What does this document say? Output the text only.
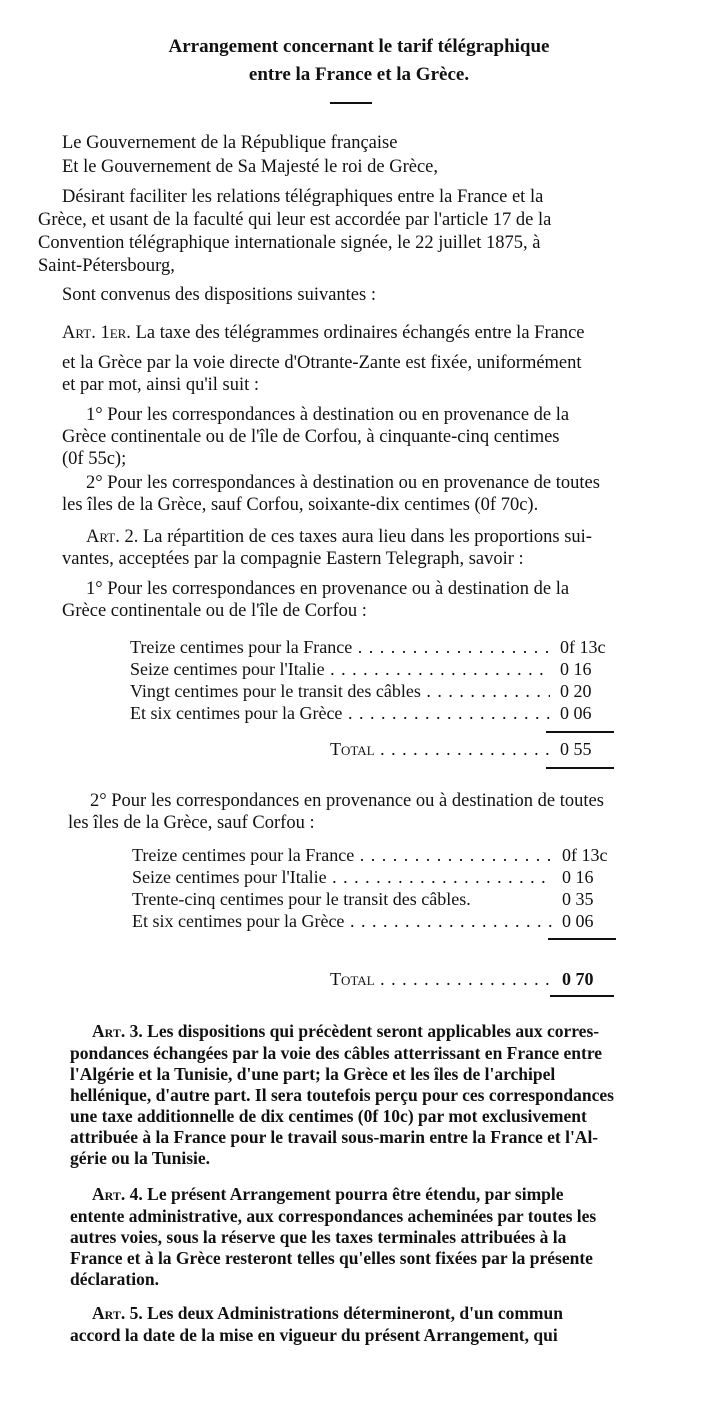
Arrangement concernant le tarif télégraphique
entre la France et la Grèce.
Le Gouvernement de la République française
Et le Gouvernement de Sa Majesté le roi de Grèce,
Désirant faciliter les relations télégraphiques entre la France et la
Grèce, et usant de la faculté qui leur est accordée par l'article 17 de la
Convention télégraphique internationale signée, le 22 juillet 1875, à
Saint-Pétersbourg,
Sont convenus des dispositions suivantes :
Art. 1er. La taxe des télégrammes ordinaires échangés entre la France
et la Grèce par la voie directe d'Otrante-Zante est fixée, uniformément
et par mot, ainsi qu'il suit :
1° Pour les correspondances à destination ou en provenance de la
Grèce continentale ou de l'île de Corfou, à cinquante-cinq centimes
(0f 55c);
2° Pour les correspondances à destination ou en provenance de toutes
les îles de la Grèce, sauf Corfou, soixante-dix centimes (0f 70c).
Art. 2. La répartition de ces taxes aura lieu dans les proportions sui-
vantes, acceptées par la compagnie Eastern Telegraph, savoir :
1° Pour les correspondances en provenance ou à destination de la
Grèce continentale ou de l'île de Corfou :
Treize centimes pour la France . . .	0f 13c
Seize centimes pour l'Italie . . .	0 16
Vingt centimes pour le transit des câbles . . .	0 20
Et six centimes pour la Grèce . . .	0 06
Total . . .	0 55
2° Pour les correspondances en provenance ou à destination de toutes
les îles de la Grèce, sauf Corfou :
Treize centimes pour la France . . .	0f 13c
Seize centimes pour l'Italie . . .	0 16
Trente-cinq centimes pour le transit des câbles.	0 35
Et six centimes pour la Grèce . . .	0 06
Total . . .	0 70
Art. 3. Les dispositions qui précèdent seront applicables aux corres-
pondances échangées par la voie des câbles atterrissant en France entre
l'Algérie et la Tunisie, d'une part; la Grèce et les îles de l'archipel
hellénique, d'autre part. Il sera toutefois perçu pour ces correspondances
une taxe additionnelle de dix centimes (0f 10c) par mot exclusivement
attribuée à la France pour le travail sous-marin entre la France et l'Al-
gérie ou la Tunisie.
Art. 4. Le présent Arrangement pourra être étendu, par simple
entente administrative, aux correspondances acheminées par toutes les
autres voies, sous la réserve que les taxes terminales attribuées à la
France et à la Grèce resteront telles qu'elles sont fixées par la présente
déclaration.
Art. 5. Les deux Administrations détermineront, d'un commun
accord la date de la mise en vigueur du présent Arrangement, qui
